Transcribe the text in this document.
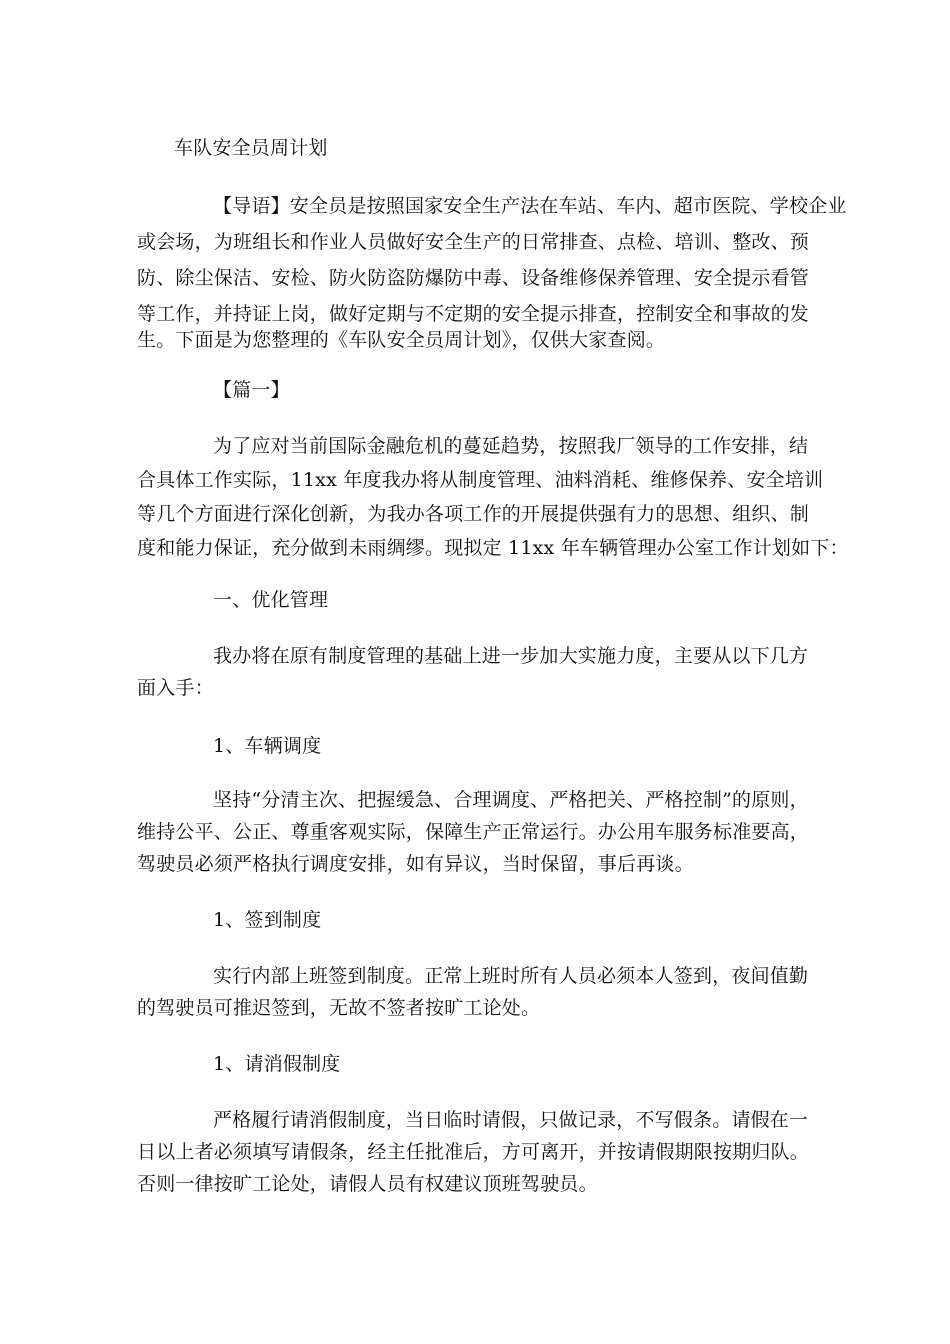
车队安全员周计划
【导语】安全员是按照国家安全生产法在车站、车内、超市医院、学校企业
或会场，为班组长和作业人员做好安全生产的日常排查、点检、培训、整改、预
防、除尘保洁、安检、防火防盗防爆防中毒、设备维修保养管理、安全提示看管
等工作，并持证上岗，做好定期与不定期的安全提示排查，控制安全和事故的发
生。下面是为您整理的《车队安全员周计划》，仅供大家查阅。
【篇一】
为了应对当前国际金融危机的蔓延趋势，按照我厂领导的工作安排，结
合具体工作实际，11xx 年度我办将从制度管理、油料消耗、维修保养、安全培训
等几个方面进行深化创新，为我办各项工作的开展提供强有力的思想、组织、制
度和能力保证，充分做到未雨绸缪。现拟定 11xx 年车辆管理办公室工作计划如下：
一、优化管理
我办将在原有制度管理的基础上进一步加大实施力度，主要从以下几方
面入手：
1、车辆调度
坚持“分清主次、把握缓急、合理调度、严格把关、严格控制”的原则，
维持公平、公正、尊重客观实际，保障生产正常运行。办公用车服务标准要高，
驾驶员必须严格执行调度安排，如有异议，当时保留，事后再谈。
1、签到制度
实行内部上班签到制度。正常上班时所有人员必须本人签到，夜间值勤
的驾驶员可推迟签到，无故不签者按旷工论处。
1、请消假制度
严格履行请消假制度，当日临时请假，只做记录，不写假条。请假在一
日以上者必须填写请假条，经主任批准后，方可离开，并按请假期限按期归队。
否则一律按旷工论处，请假人员有权建议顶班驾驶员。
